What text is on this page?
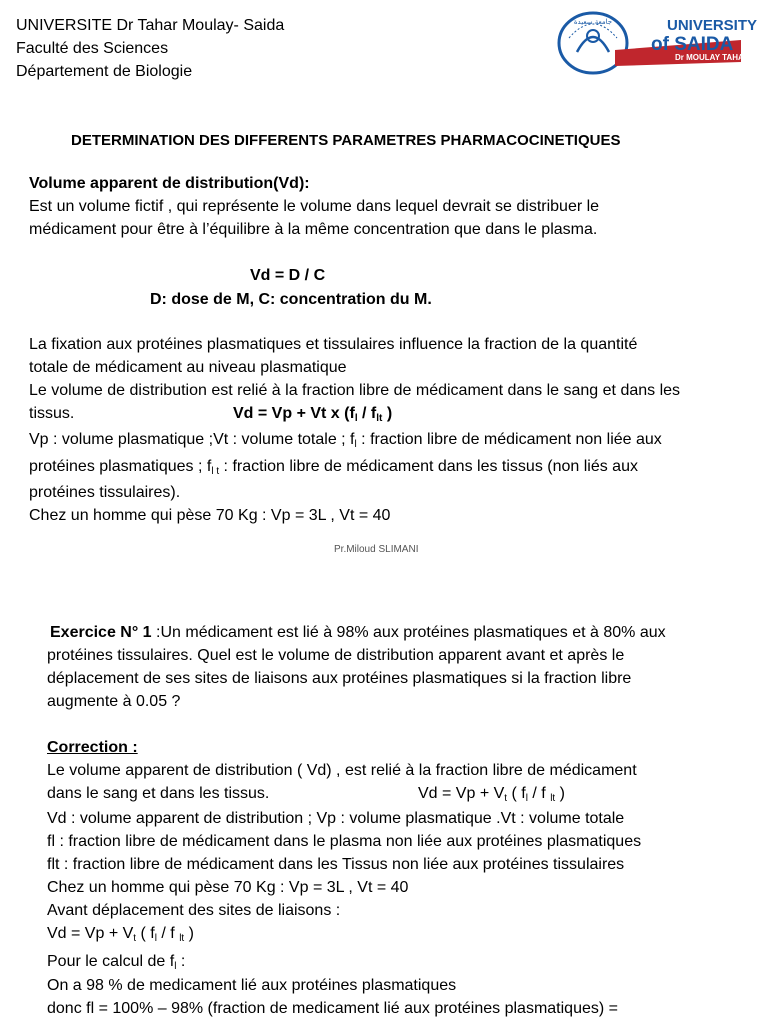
UNIVERSITE Dr Tahar Moulay- Saida
Faculté des Sciences
Département de Biologie
جامعة سعيدة	UNIVERSITY
of SAIDA
Dr MOULAY TAHAR
DETERMINATION DES DIFFERENTS PARAMETRES PHARMACOCINETIQUES
Volume apparent de distribution(Vd):
Est un volume fictif , qui représente le volume dans lequel devrait se distribuer le
médicament pour être à l’équilibre à la même concentration que dans le plasma.
Vd = D / C
D: dose de M, C: concentration du M.
La fixation aux protéines plasmatiques et tissulaires influence la fraction de la quantité
totale de médicament au niveau plasmatique
Le volume de distribution est relié à la fraction libre de médicament dans le sang et dans les
tissus.	Vd = Vp + Vt x ($f_l / f_{lt}$ )
Vp : volume plasmatique ;Vt : volume totale ; $f_l$ : fraction libre de médicament non liée aux
protéines plasmatiques ; $f_{l t}$ : fraction libre de médicament dans les tissus (non liés aux
protéines tissulaires).
Chez un homme qui pèse 70 Kg : Vp = 3L , Vt = 40
Pr.Miloud SLIMANI
Exercice N° 1 :Un médicament est lié à 98% aux protéines plasmatiques et à 80% aux
protéines tissulaires. Quel est le volume de distribution apparent avant et après le
déplacement de ses sites de liaisons aux protéines plasmatiques si la fraction libre
augmente à 0.05 ?
Correction :
Le volume apparent de distribution ( Vd) , est relié à la fraction libre de médicament
dans le sang et dans les tissus.	$Vd = Vp + V_t$ ( $f_l$ / f $_{lt}$ )
Vd : volume apparent de distribution ; Vp : volume plasmatique .Vt : volume totale
fl : fraction libre de médicament dans le plasma non liée aux protéines plasmatiques
flt : fraction libre de médicament dans les Tissus non liée aux protéines tissulaires
Chez un homme qui pèse 70 Kg : Vp = 3L , Vt = 40
Avant déplacement des sites de liaisons :
$Vd = Vp + V_t$ ( $f_l$ / f $_{lt}$ )
Pour le calcul de $f_l$ :
On a 98 % de medicament lié aux protéines plasmatiques
donc fl = 100% – 98% (fraction de medicament lié aux protéines plasmatiques) =
